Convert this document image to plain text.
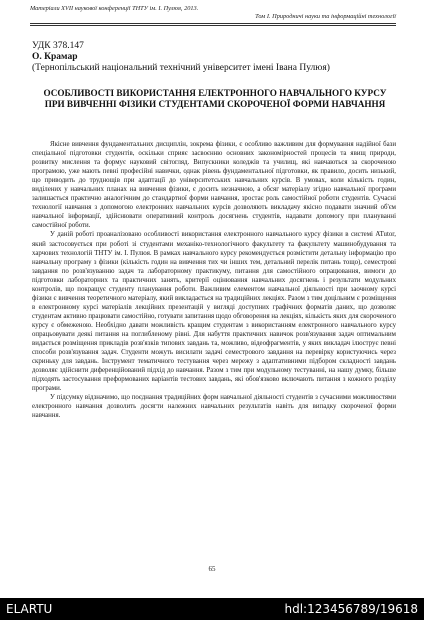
Матеріали XVII наукової конференції ТНТУ ім. І. Пулюя, 2013.
Том І. Природничі науки та інформаційні технології
УДК 378.147
О. Крамар
(Тернопільський національний технічний університет імені Івана Пулюя)
ОСОБЛИВОСТІ ВИКОРИСТАННЯ ЕЛЕКТРОННОГО НАВЧАЛЬНОГО КУРСУ ПРИ ВИВЧЕННІ ФІЗИКИ СТУДЕНТАМИ СКОРОЧЕНОЇ ФОРМИ НАВЧАННЯ

Якісне вивчення фундаментальних дисциплін, зокрема фізики, є особливо важливим для формування надійної бази спеціальної підготовки студентів, оскільки сприяє засвоєнню основних закономірностей процесів та явищ природи, розвитку мислення та формує науковий світогляд. Випускники коледжів та училищ, які навчаються за скороченою програмою, уже мають певні професійні навички, однак рівень фундаментальної підготовки, як правило, досить низький, що приводить до труднощів при адаптації до університетських навчальних курсів. В умовах, коли кількість годин, виділених у навчальних планах на вивчення фізики, є досить незначною, а обсяг матеріалу згідно навчальної програми залишається практично аналогічним до стандартної форми навчання, зростає роль самостійної роботи студентів. Сучасні технології навчання з допомогою електронних навчальних курсів дозволяють викладачу якісно подавати значний об'єм навчальної інформації, здійснювати оперативний контроль досягнень студентів, надавати допомогу при плануванні самостійної роботи.

У даній роботі проаналізовано особливості використання електронного навчального курсу фізики в системі ATutor, який застосовується при роботі зі студентами механіко-технологічного факультету та факультету машинобудування та харчових технологій ТНТУ ім. І. Пулюя. В рамках навчального курсу рекомендується розмістити детальну інформацію про навчальну програму з фізики (кількість годин на вивчення тих чи інших тем, детальний перелік питань тощо), семестрові завдання по розв'язуванню задач та лабораторному практикуму, питання для самостійного опрацювання, вимоги до підготовки лабораторних та практичних занять, критерії оцінювання навчальних досягнень і результати модульних контролів, що покращує студенту планування роботи. Важливим елементом навчальної діяльності при заочному курсі фізики є вивчення теоретичного матеріалу, який викладається на традиційних лекціях. Разом з тим доцільним є розміщення в електронному курсі матеріалів лекційних презентацій у вигляді доступних графічних форматів даних, що дозволяє студентам активно працювати самостійно, готувати запитання щодо обговорення на лекціях, кількість яких для скороченого курсу є обмеженою. Необхідно давати можливість кращим студентам з використанням електронного навчального курсу опрацьовувати деякі питання на поглибленому рівні. Для набуття практичних навичок розв'язування задач оптимальним видається розміщення прикладів розв'язків типових завдань та, можливо, відеофрагментів, у яких викладач ілюструє певні способи розв'язування задач. Студенти можуть висилати задачі семестрового завдання на перевірку користуючись через скриньку для завдань. Інструмент тематичного тестування через мережу з адаптативними підбором складності завдань дозволяє здійснити диференційований підхід до навчання. Разом з тим при модульному тестуванні, на нашу думку, більше підходять застосування преформованих варіантів тестових завдань, які обов'язково включають питання з кожного розділу програми.

У підсумку відзначимо, що поєднання традиційних форм навчальної діяльності студентів з сучасними можливостями електронного навчання дозволить досягти належних навчальних результатів навіть для випадку скороченої форми навчання.

65
ELARTU	hdl:123456789/19618
